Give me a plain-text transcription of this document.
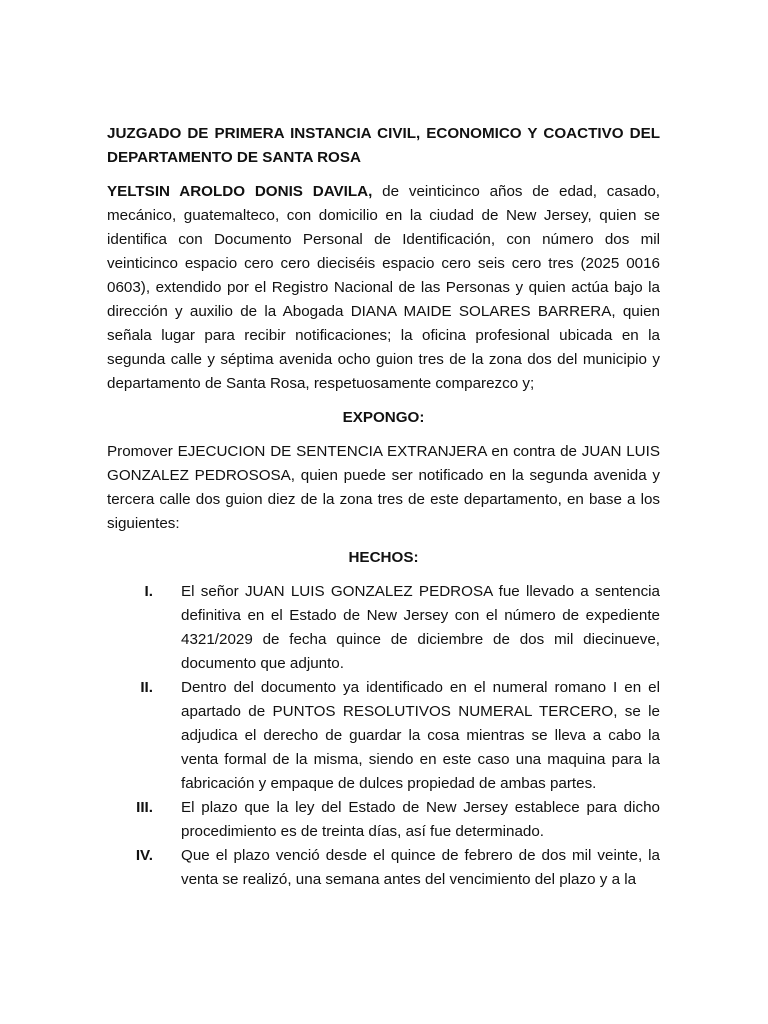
JUZGADO DE PRIMERA INSTANCIA CIVIL, ECONOMICO Y COACTIVO DEL DEPARTAMENTO DE SANTA ROSA

YELTSIN AROLDO DONIS DAVILA, de veinticinco años de edad, casado, mecánico, guatemalteco, con domicilio en la ciudad de New Jersey, quien se identifica con Documento Personal de Identificación, con número dos mil veinticinco espacio cero cero dieciséis espacio cero seis cero tres (2025 0016 0603), extendido por el Registro Nacional de las Personas y quien actúa bajo la dirección y auxilio de la Abogada DIANA MAIDE SOLARES BARRERA, quien señala lugar para recibir notificaciones; la oficina profesional ubicada en la segunda calle y séptima avenida ocho guion tres de la zona dos del municipio y departamento de Santa Rosa, respetuosamente comparezco y;

EXPONGO:

Promover EJECUCION DE SENTENCIA EXTRANJERA en contra de JUAN LUIS GONZALEZ PEDROSOSA, quien puede ser notificado en la segunda avenida y tercera calle dos guion diez de la zona tres de este departamento, en base a los siguientes:

HECHOS:

I. El señor JUAN LUIS GONZALEZ PEDROSA fue llevado a sentencia definitiva en el Estado de New Jersey con el número de expediente 4321/2029 de fecha quince de diciembre de dos mil diecinueve, documento que adjunto.
II. Dentro del documento ya identificado en el numeral romano I en el apartado de PUNTOS RESOLUTIVOS NUMERAL TERCERO, se le adjudica el derecho de guardar la cosa mientras se lleva a cabo la venta formal de la misma, siendo en este caso una maquina para la fabricación y empaque de dulces propiedad de ambas partes.
III. El plazo que la ley del Estado de New Jersey establece para dicho procedimiento es de treinta días, así fue determinado.
IV. Que el plazo venció desde el quince de febrero de dos mil veinte, la venta se realizó, una semana antes del vencimiento del plazo y a la
